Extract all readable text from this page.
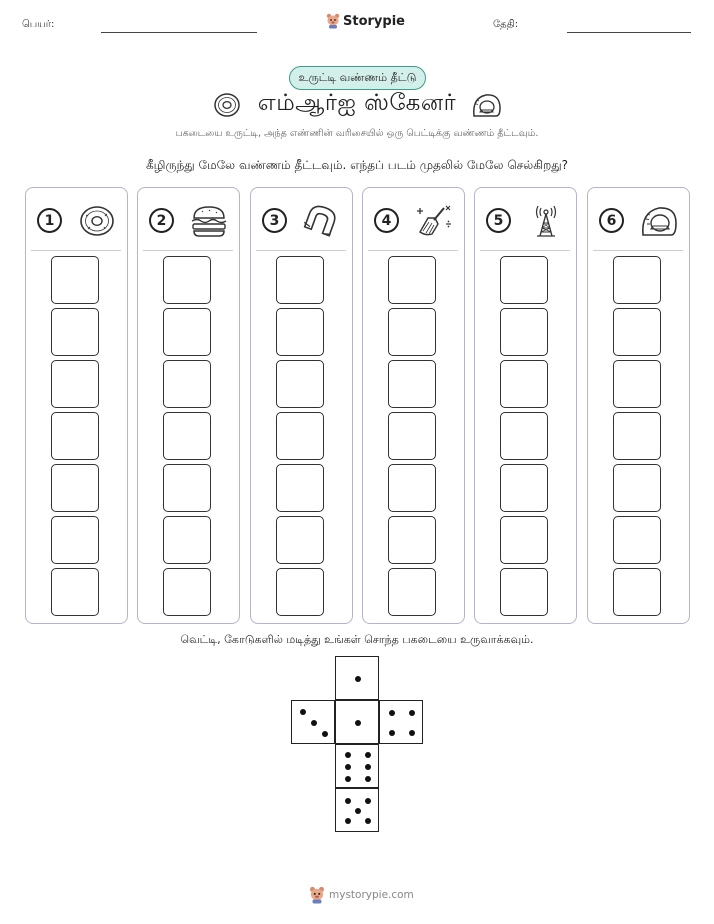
பெயர்:	Storypie	தேதி:
உருட்டி வண்ணம் தீட்டு
எம்ஆர்ஐ ஸ்கேனர்
பகடையை உருட்டி, அந்த எண்ணின் வரிசையில் ஒரு பெட்டிக்கு வண்ணம் தீட்டவும்.
கீழிருந்து மேலே வண்ணம் தீட்டவும். எந்தப் படம் முதலில் மேலே செல்கிறது?
1	2	3	4	5	6
வெட்டி, கோடுகளில் மடித்து உங்கள் சொந்த பகடையை உருவாக்கவும்.
mystorypie.com
